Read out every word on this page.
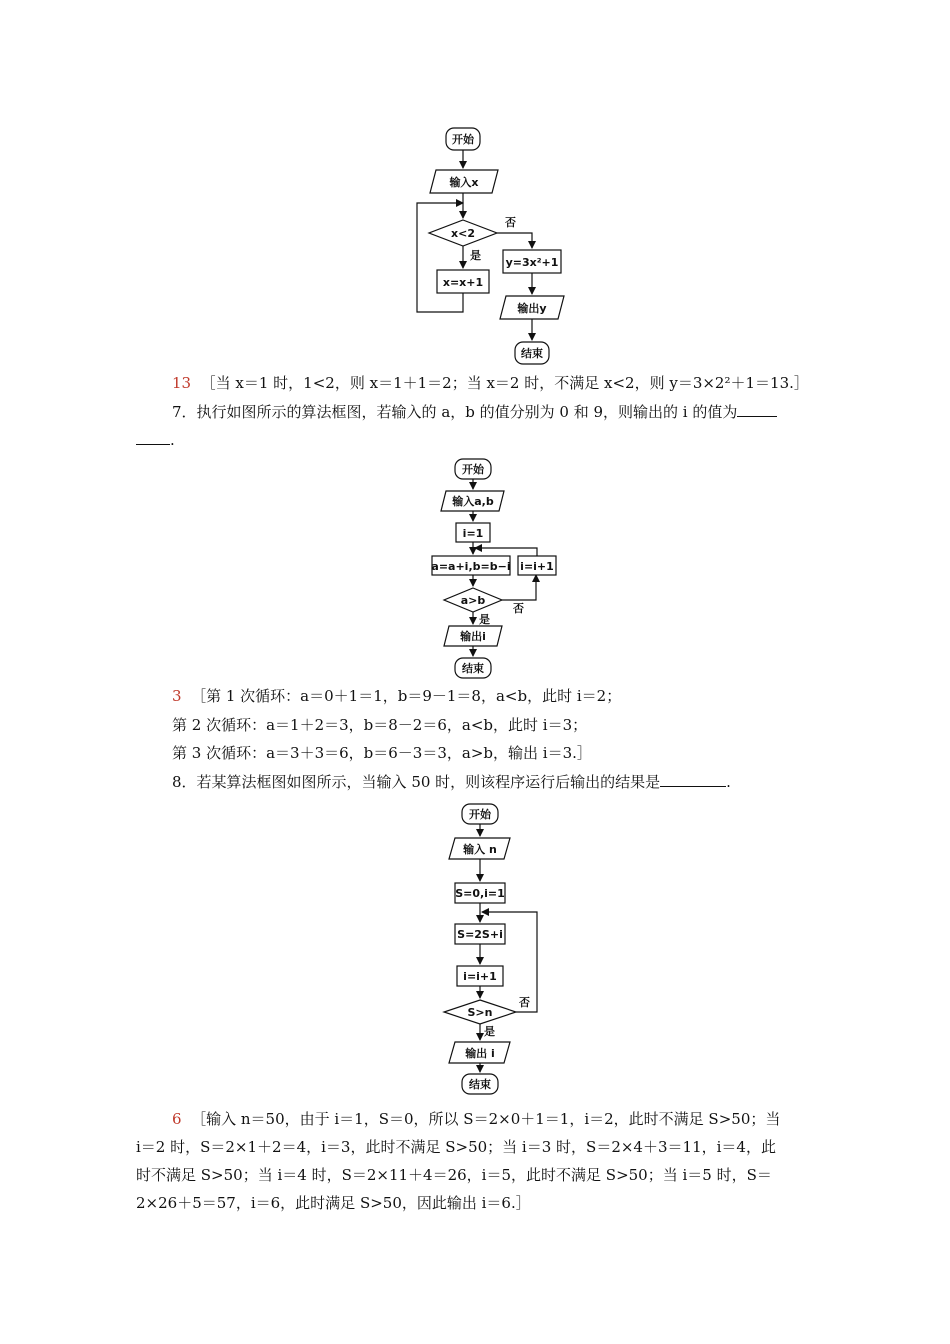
开始
输入x
x<2
是
x=x+1
否
y=3x²+1
输出y
结束
开始
输入a,b
i=1
a=a+i,b=b−i
a>b
否
i=i+1
是
输出i
结束
开始
输入 n
S=0,i=1
S=2S+i
i=i+1
S>n
否
是
输出 i
结束
13 ［当 x＝1 时，1<2，则 x＝1＋1＝2；当 x＝2 时，不满足 x<2，则 y＝3×2²＋1＝13.］
7．执行如图所示的算法框图，若输入的 a，b 的值分别为 0 和 9，则输出的 i 的值为
.
3 ［第 1 次循环：a＝0＋1＝1，b＝9－1＝8，a<b，此时 i＝2；
第 2 次循环：a＝1＋2＝3，b＝8－2＝6，a<b，此时 i＝3；
第 3 次循环：a＝3＋3＝6，b＝6－3＝3，a>b，输出 i＝3.］
8．若某算法框图如图所示，当输入 50 时，则该程序运行后输出的结果是	.
6 ［输入 n＝50，由于 i＝1，S＝0，所以 S＝2×0＋1＝1，i＝2，此时不满足 S>50；当
i＝2 时，S＝2×1＋2＝4，i＝3，此时不满足 S>50；当 i＝3 时，S＝2×4＋3＝11，i＝4，此
时不满足 S>50；当 i＝4 时，S＝2×11＋4＝26，i＝5，此时不满足 S>50；当 i＝5 时，S＝
2×26＋5＝57，i＝6，此时满足 S>50，因此输出 i＝6.］
